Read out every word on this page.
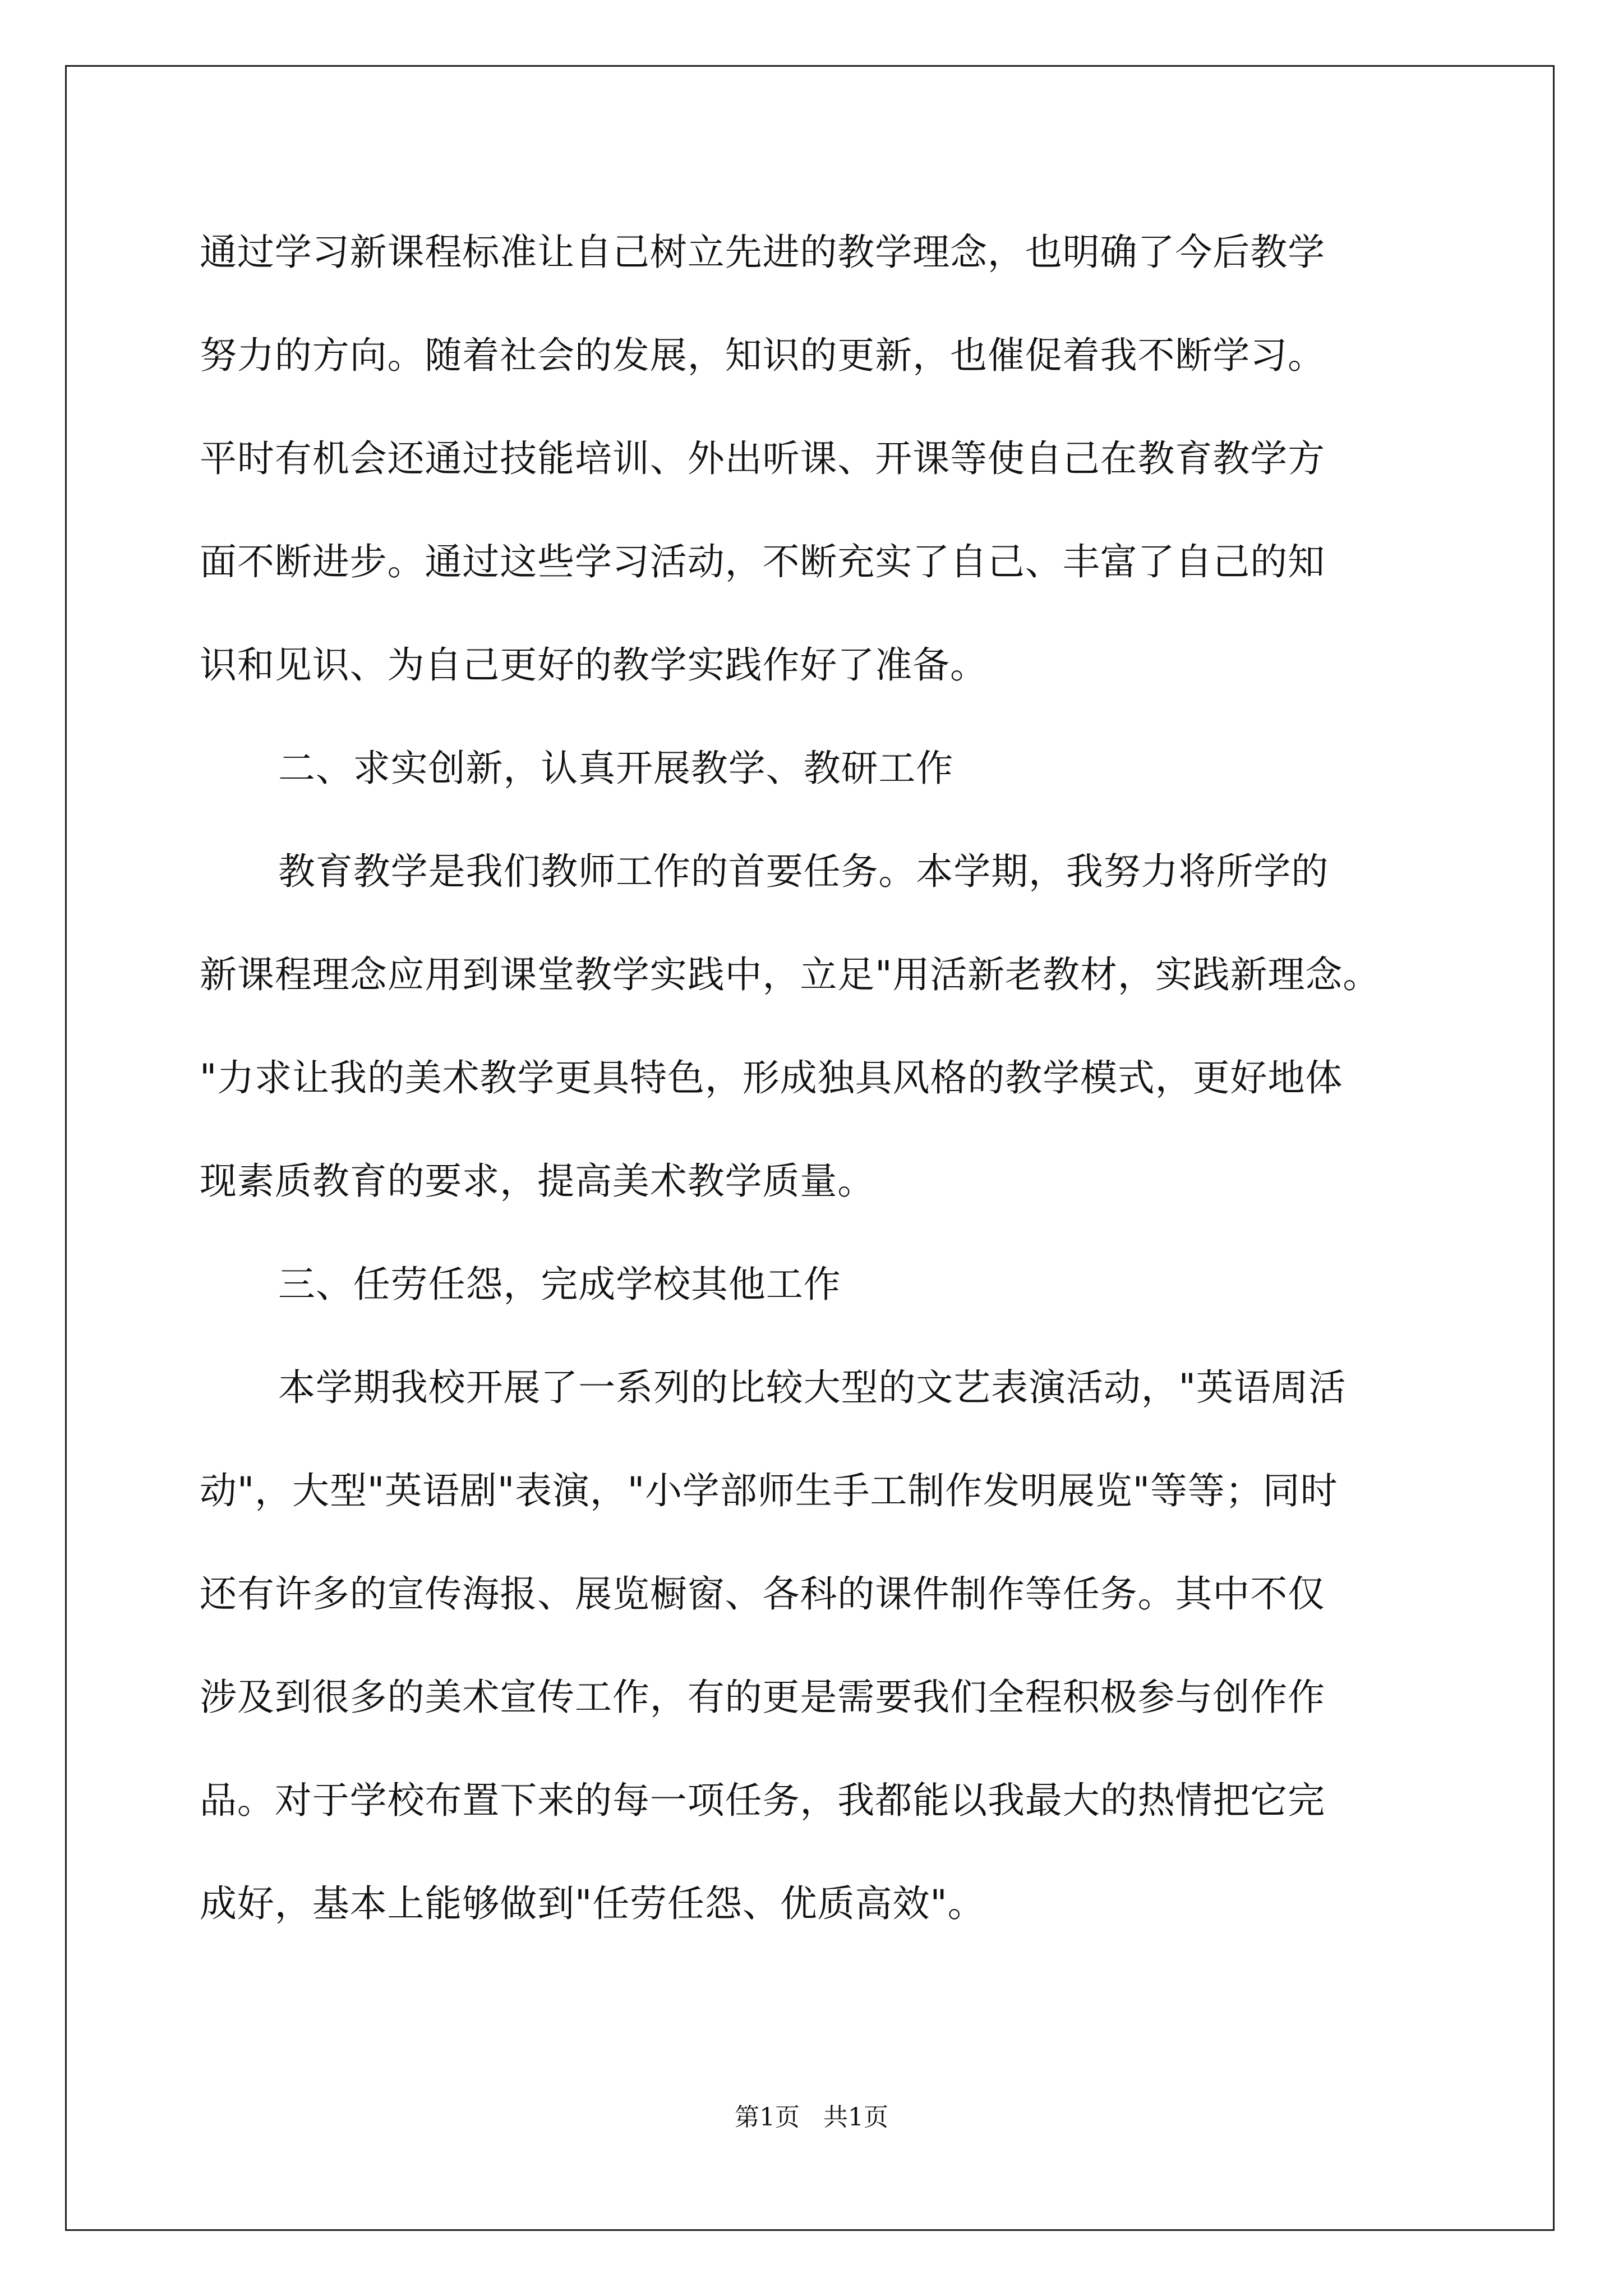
通过学习新课程标准让自己树立先进的教学理念，也明确了今后教学
努力的方向。随着社会的发展，知识的更新，也催促着我不断学习。
平时有机会还通过技能培训、外出听课、开课等使自己在教育教学方
面不断进步。通过这些学习活动，不断充实了自己、丰富了自己的知
识和见识、为自己更好的教学实践作好了准备。
二、求实创新，认真开展教学、教研工作
教育教学是我们教师工作的首要任务。本学期，我努力将所学的
新课程理念应用到课堂教学实践中，立足"用活新老教材，实践新理念。
"力求让我的美术教学更具特色，形成独具风格的教学模式，更好地体
现素质教育的要求，提高美术教学质量。
三、任劳任怨，完成学校其他工作
本学期我校开展了一系列的比较大型的文艺表演活动，"英语周活
动"，大型"英语剧"表演，"小学部师生手工制作发明展览"等等；同时
还有许多的宣传海报、展览橱窗、各科的课件制作等任务。其中不仅
涉及到很多的美术宣传工作，有的更是需要我们全程积极参与创作作
品。对于学校布置下来的每一项任务，我都能以我最大的热情把它完
成好，基本上能够做到"任劳任怨、优质高效"。
第1页   共1页
